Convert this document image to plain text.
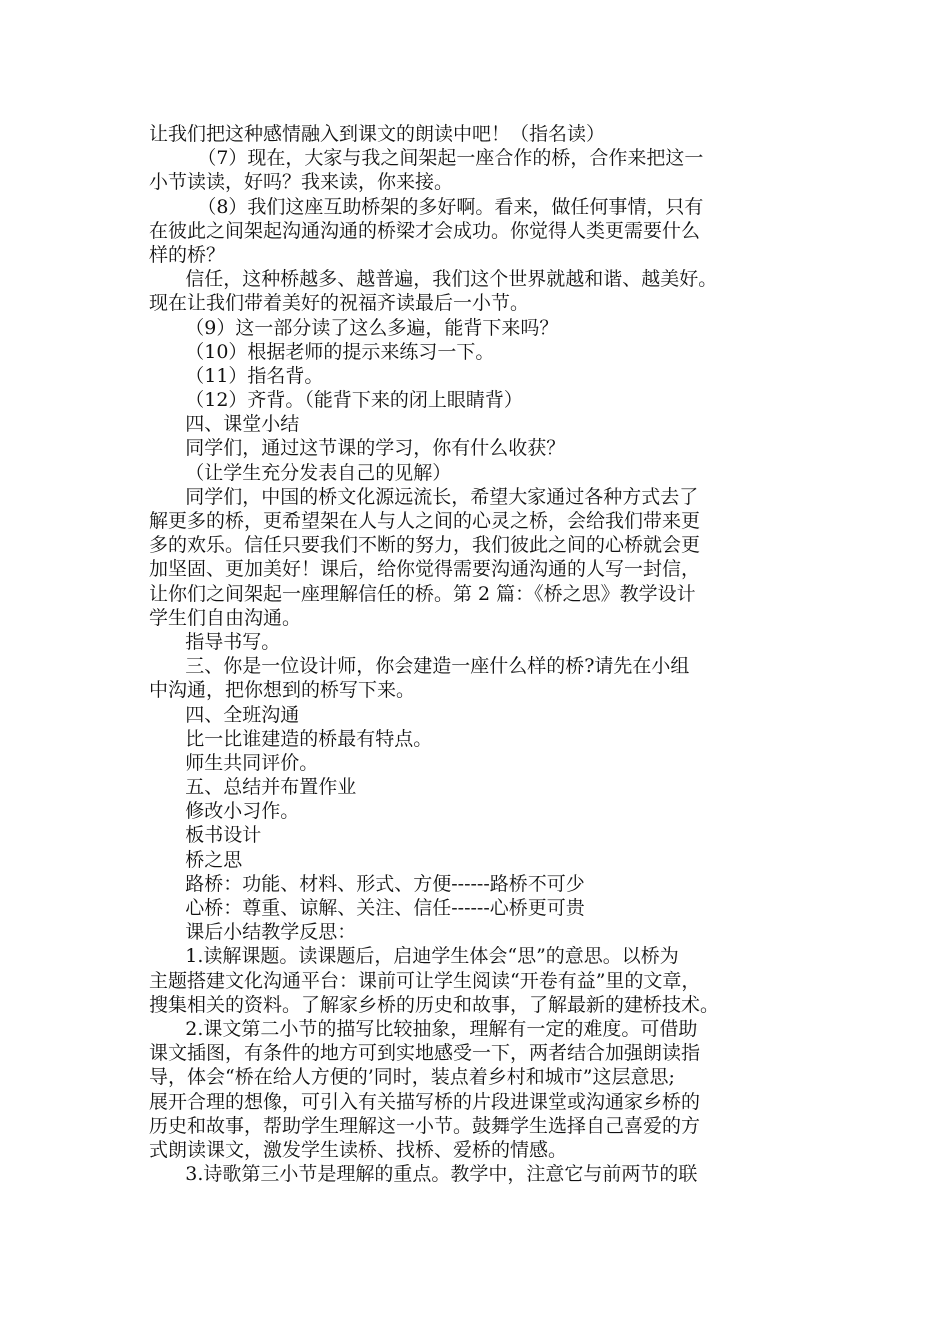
让我们把这种感情融入到课文的朗读中吧！（指名读）
（7）现在，大家与我之间架起一座合作的桥，合作来把这一
小节读读，好吗？我来读，你来接。
（8）我们这座互助桥架的多好啊。看来，做任何事情，只有
在彼此之间架起沟通沟通的桥梁才会成功。你觉得人类更需要什么
样的桥？
信任，这种桥越多、越普遍，我们这个世界就越和谐、越美好。
现在让我们带着美好的祝福齐读最后一小节。
（9）这一部分读了这么多遍，能背下来吗？
（10）根据老师的提示来练习一下。
（11）指名背。
（12）齐背。（能背下来的闭上眼睛背）
四、课堂小结
同学们，通过这节课的学习，你有什么收获？
（让学生充分发表自己的见解）
同学们，中国的桥文化源远流长，希望大家通过各种方式去了
解更多的桥，更希望架在人与人之间的心灵之桥，会给我们带来更
多的欢乐。信任只要我们不断的努力，我们彼此之间的心桥就会更
加坚固、更加美好！课后，给你觉得需要沟通沟通的人写一封信，
让你们之间架起一座理解信任的桥。第 2 篇：《桥之思》教学设计
学生们自由沟通。
指导书写。
三、你是一位设计师，你会建造一座什么样的桥?请先在小组
中沟通，把你想到的桥写下来。
四、全班沟通
比一比谁建造的桥最有特点。
师生共同评价。
五、总结并布置作业
修改小习作。
板书设计
桥之思
路桥：功能、材料、形式、方便------路桥不可少
心桥：尊重、谅解、关注、信任------心桥更可贵
课后小结教学反思：
1.读解课题。读课题后，启迪学生体会“思”的意思。以桥为
主题搭建文化沟通平台：课前可让学生阅读“开卷有益”里的文章，
搜集相关的资料。了解家乡桥的历史和故事，了解最新的建桥技术。
2.课文第二小节的描写比较抽象，理解有一定的难度。可借助
课文插图，有条件的地方可到实地感受一下，两者结合加强朗读指
导，体会“桥在给人方便的’同时，装点着乡村和城市”这层意思;
展开合理的想像，可引入有关描写桥的片段进课堂或沟通家乡桥的
历史和故事，帮助学生理解这一小节。鼓舞学生选择自己喜爱的方
式朗读课文，激发学生读桥、找桥、爱桥的情感。
3.诗歌第三小节是理解的重点。教学中，注意它与前两节的联
